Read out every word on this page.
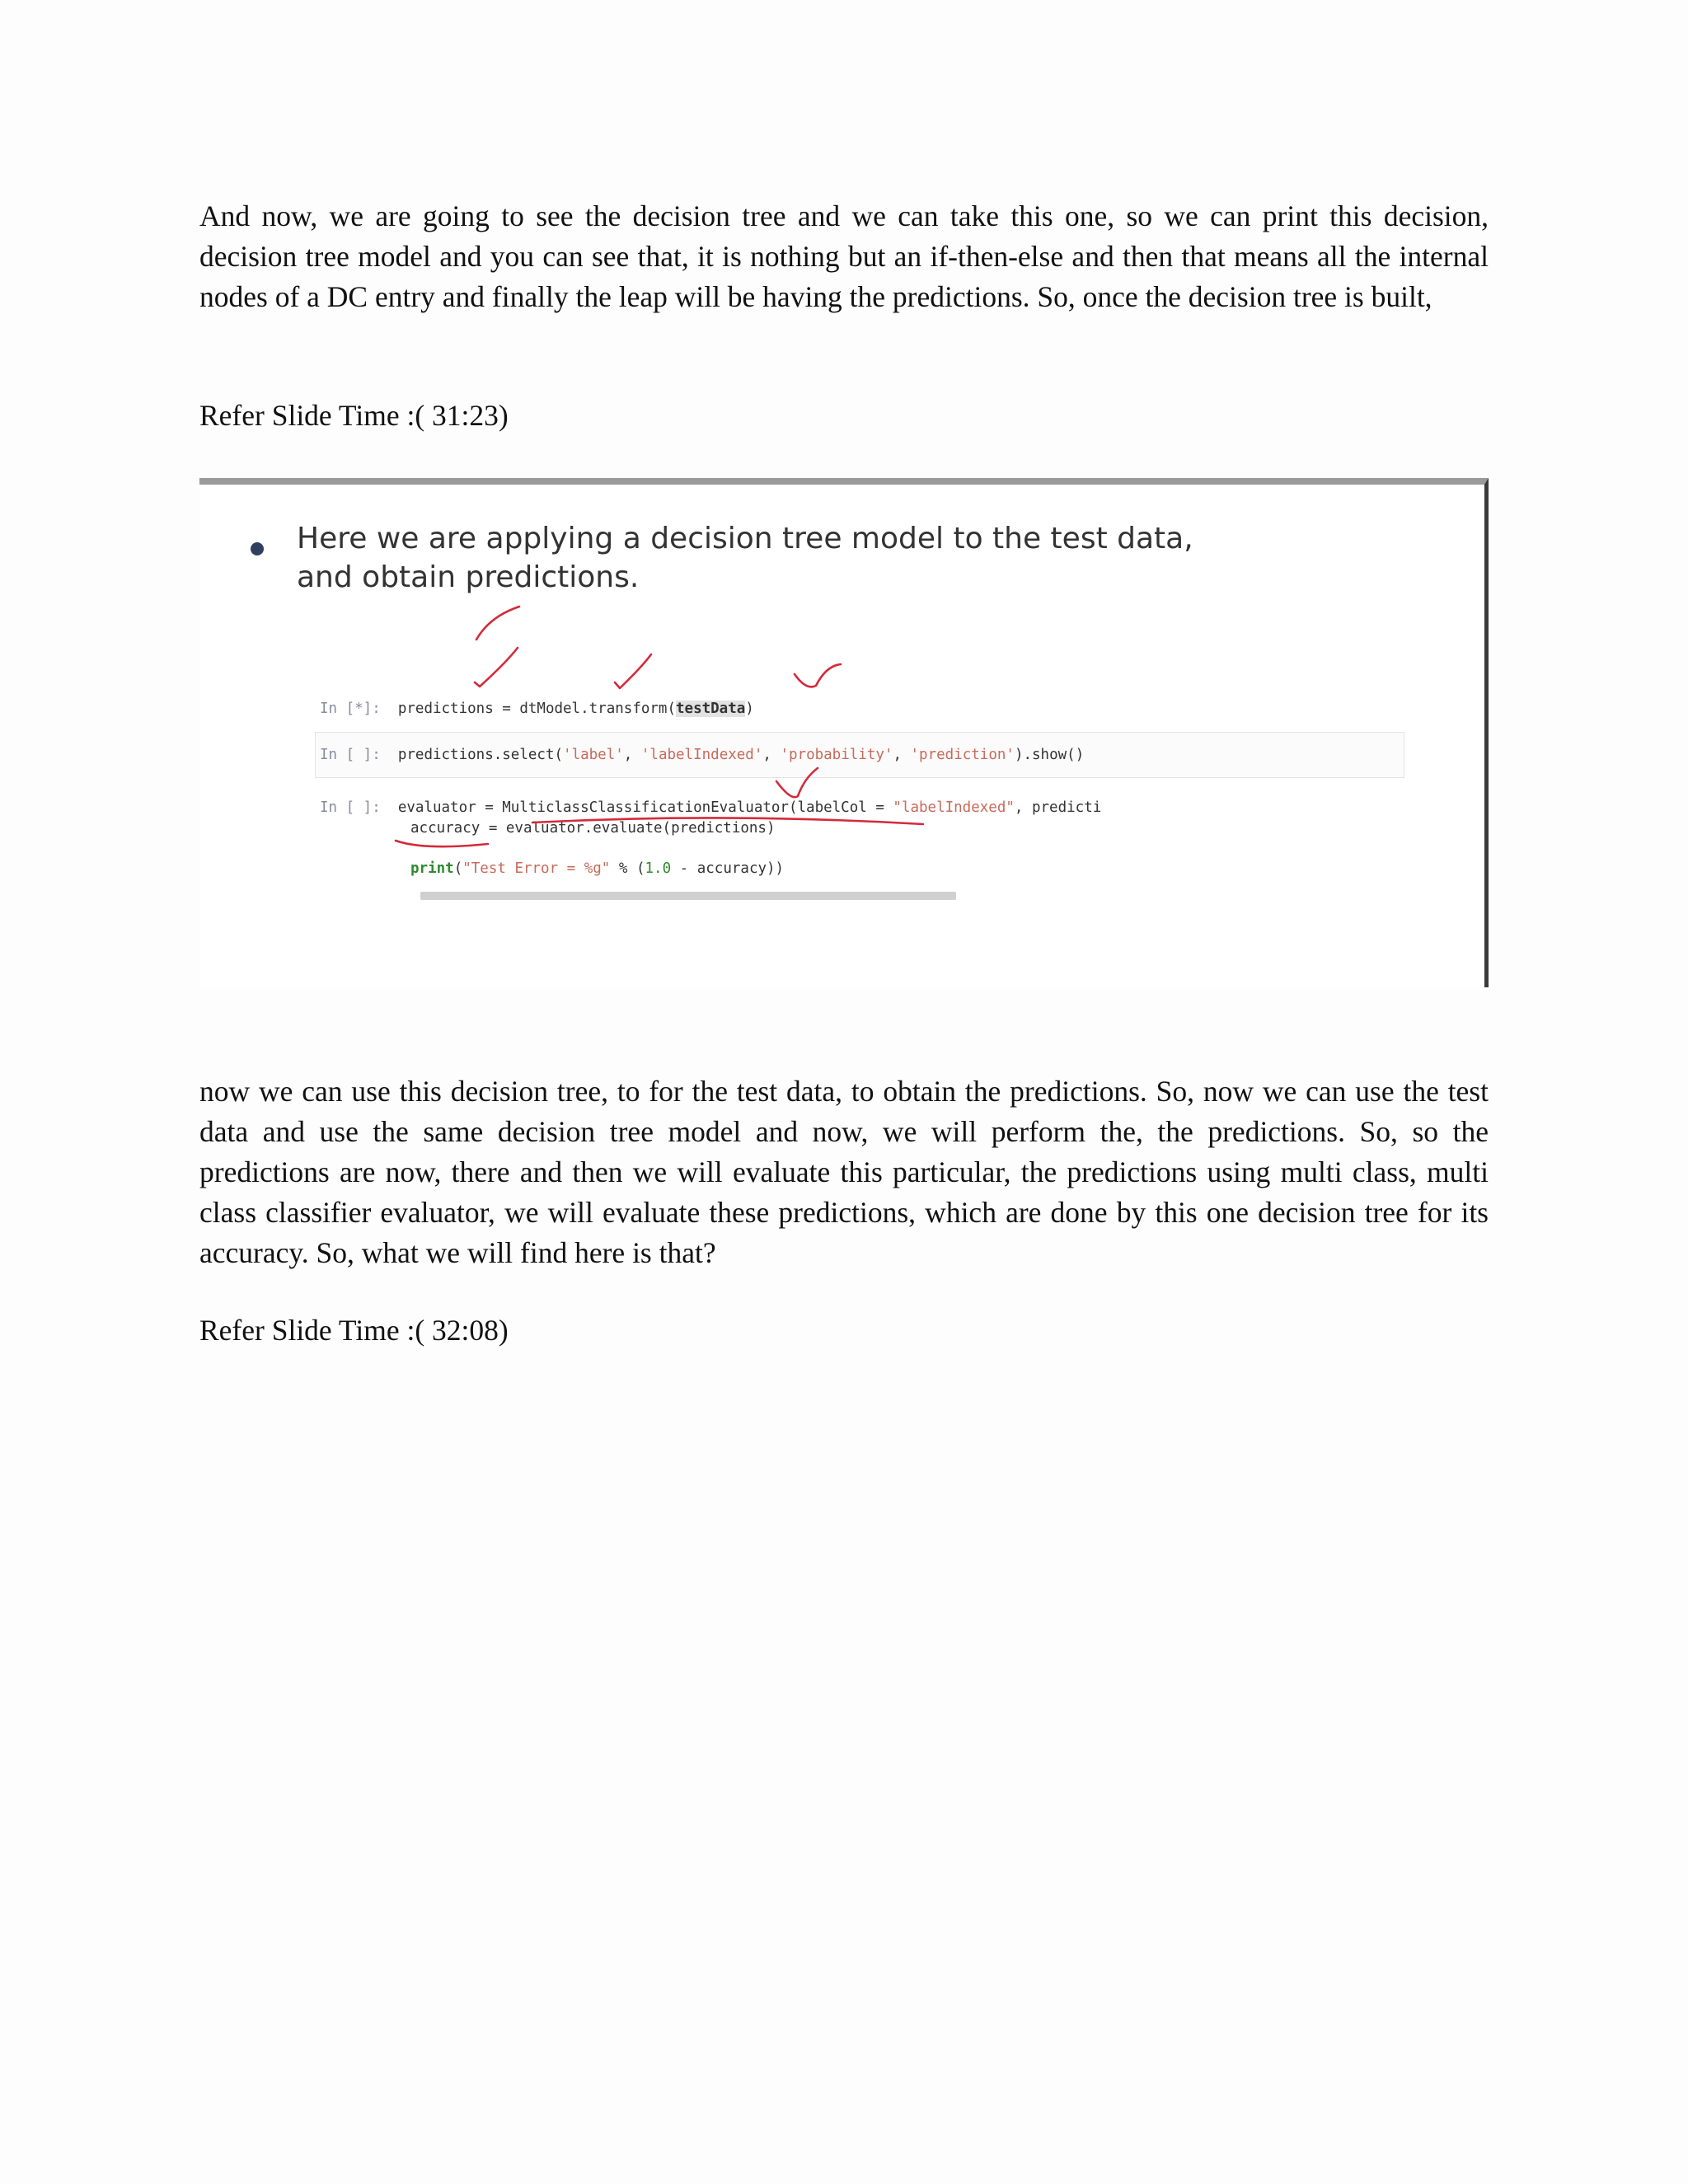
And now, we are going to see the decision tree and we can take this one, so we can print this decision, decision tree model and you can see that, it is nothing but an if-then-else and then that means all the internal nodes of a DC entry and finally the leap will be having the predictions. So, once the decision tree is built,

Refer Slide Time :( 31:23)

Here we are applying a decision tree model to the test data,
and obtain predictions.
In [*]: predictions = dtModel.transform(testData)
In [ ]: predictions.select('label', 'labelIndexed', 'probability', 'prediction').show()
In [ ]: evaluator = MulticlassClassificationEvaluator(labelCol = "labelIndexed", predicti
accuracy = evaluator.evaluate(predictions)
print("Test Error = %g" % (1.0 - accuracy))

now we can use this decision tree, to for the test data, to obtain the predictions. So, now we can use the test data and use the same decision tree model and now, we will perform the, the predictions. So, so the predictions are now, there and then we will evaluate this particular, the predictions using multi class, multi class classifier evaluator, we will evaluate these predictions, which are done by this one decision tree for its accuracy. So, what we will find here is that?

Refer Slide Time :( 32:08)
